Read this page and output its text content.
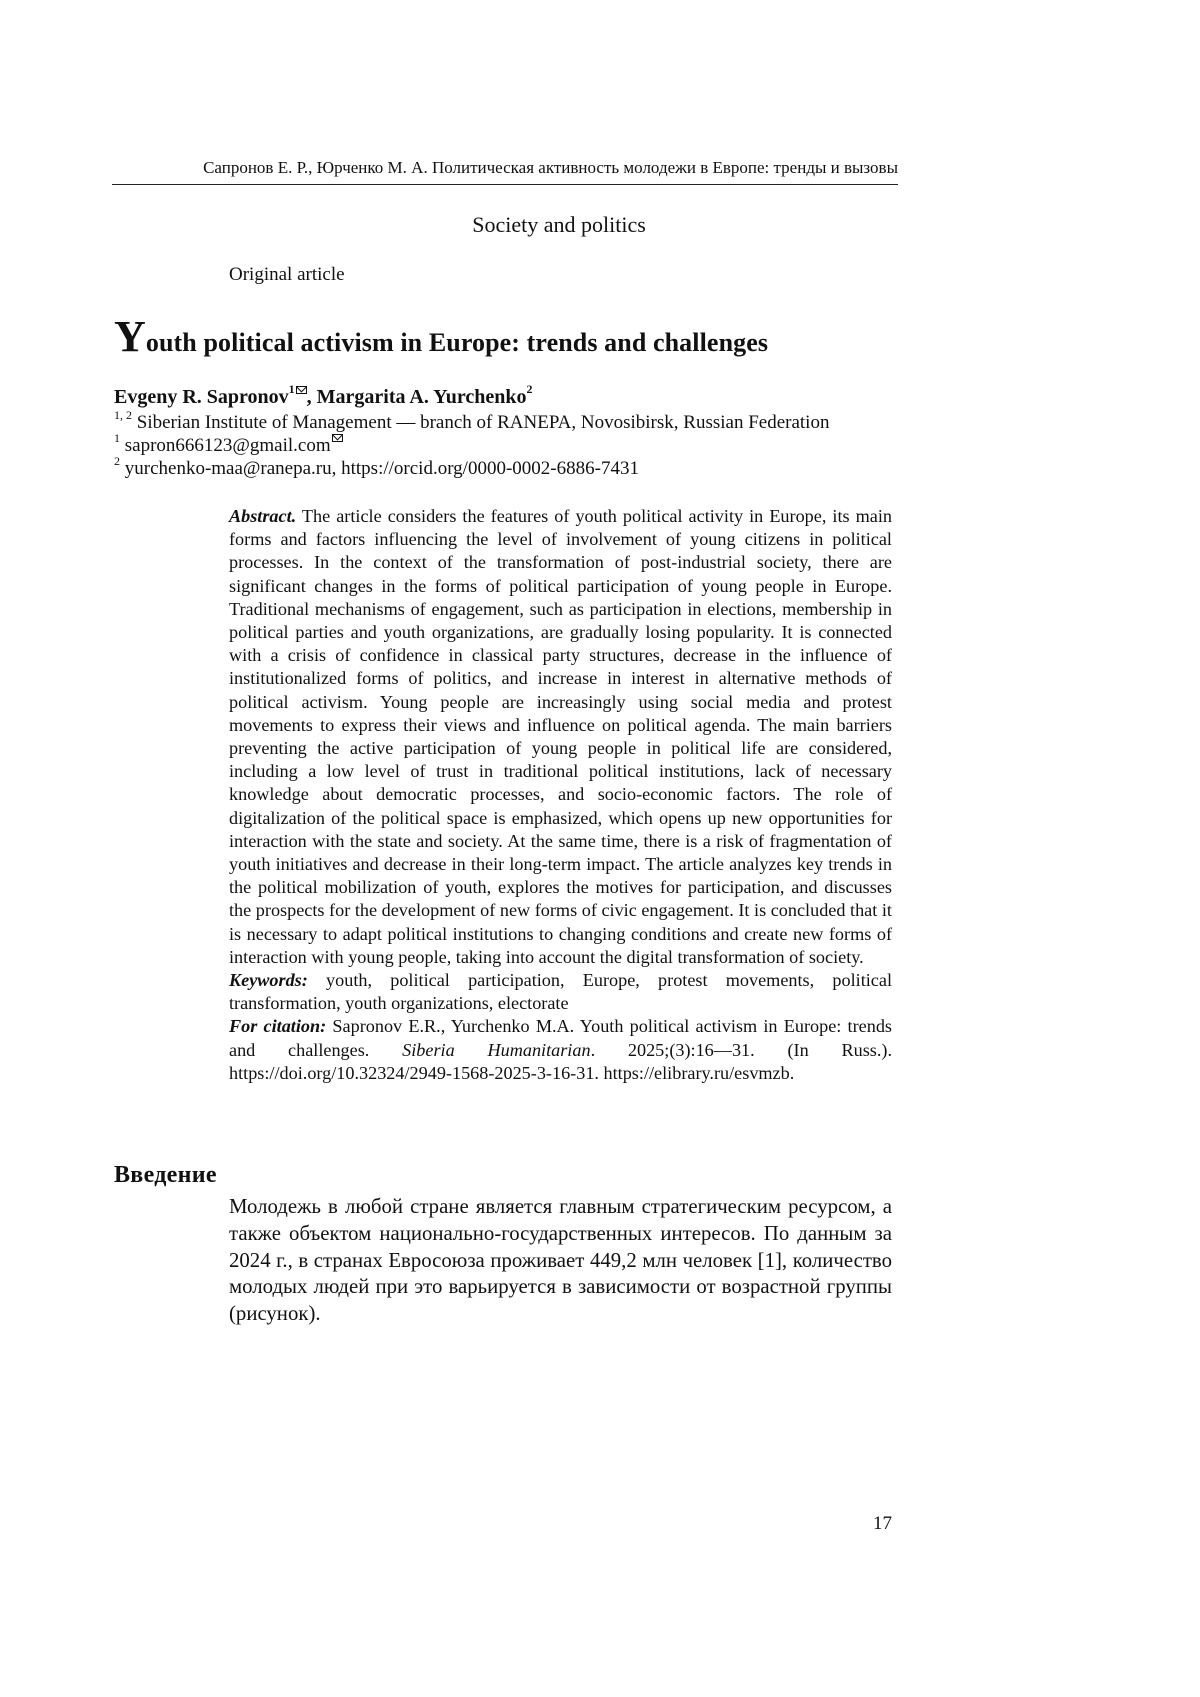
Сапронов Е. Р., Юрченко М. А. Политическая активность молодежи в Европе: тренды и вызовы
Society and politics
Original article
Youth political activism in Europe: trends and challenges
Evgeny R. Sapronov$^1$ , Margarita A. Yurchenko$^2$
$^{1, 2}$ Siberian Institute of Management — branch of RANEPA, Novosibirsk, Russian Federation
$^1$ sapron666123@gmail.com
$^2$ yurchenko-maa@ranepa.ru, https://orcid.org/0000-0002-6886-7431

Abstract. The article considers the features of youth political activity in Europe, its main forms and factors influencing the level of involvement of young citizens in political processes. In the context of the transformation of post-industrial society, there are significant changes in the forms of political participation of young people in Europe. Traditional mechanisms of engagement, such as participation in elections, membership in political parties and youth organizations, are gradually losing popularity. It is connected with a crisis of confidence in classical party structures, decrease in the influence of institutionalized forms of politics, and increase in interest in alternative methods of political activism. Young people are increasingly using social media and protest movements to express their views and influence on political agenda. The main barriers preventing the active participation of young people in political life are considered, including a low level of trust in traditional political institutions, lack of necessary knowledge about democratic processes, and socio-economic factors. The role of digitalization of the political space is emphasized, which opens up new opportunities for interaction with the state and society. At the same time, there is a risk of fragmentation of youth initiatives and decrease in their long-term impact. The article analyzes key trends in the political mobilization of youth, explores the motives for participation, and discusses the prospects for the development of new forms of civic engagement. It is concluded that it is necessary to adapt political institutions to changing conditions and create new forms of interaction with young people, taking into account the digital transformation of society.

Keywords: youth, political participation, Europe, protest movements, political transformation, youth organizations, electorate

For citation: Sapronov E.R., Yurchenko M.A. Youth political activism in Europe: trends and challenges. Siberia Humanitarian. 2025;(3):16—31. (In Russ.). https://doi.org/10.32324/2949-1568-2025-3-16-31. https://elibrary.ru/esvmzb.

Введение

Молодежь в любой стране является главным стратегическим ресурсом, а также объектом национально-государственных интересов. По данным за 2024 г., в странах Евросоюза проживает 449,2 млн человек [1], количество молодых людей при это варьируется в зависимости от возрастной группы (рисунок).

17
